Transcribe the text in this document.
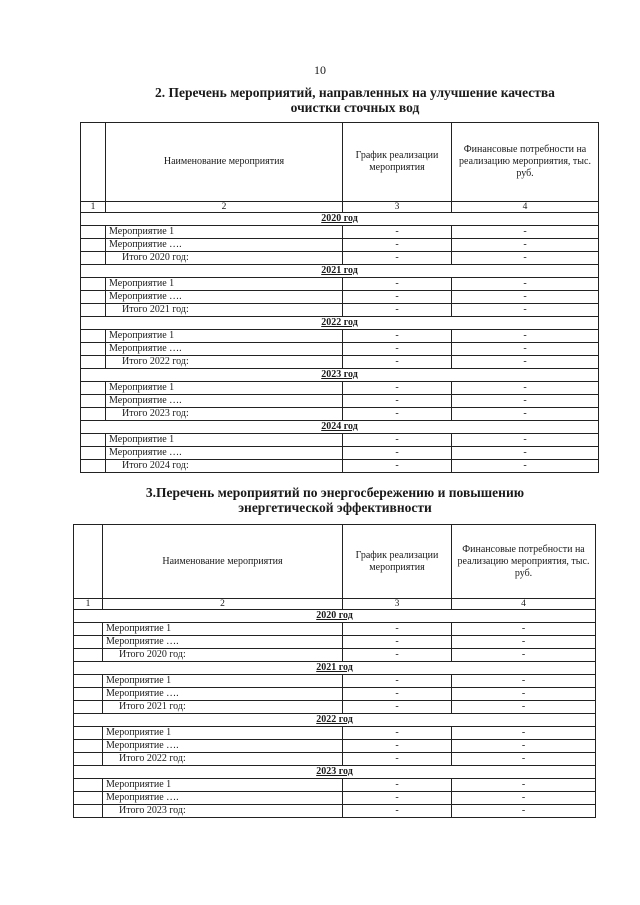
10
2. Перечень мероприятий, направленных на улучшение качества
очистки сточных вод
	Наименование мероприятия	График реализации мероприятия	Финансовые потребности на реализацию мероприятия, тыс. руб.
1	2	3	4
2020 год			
	Мероприятие 1	-	-
	Мероприятие ….	-	-
	Итого 2020 год:	-	-
2021 год			
	Мероприятие 1	-	-
	Мероприятие ….	-	-
	Итого 2021 год:	-	-
2022 год			
	Мероприятие 1	-	-
	Мероприятие ….	-	-
	Итого 2022 год:	-	-
2023 год			
	Мероприятие 1	-	-
	Мероприятие ….	-	-
	Итого 2023 год:	-	-
2024 год			
	Мероприятие 1	-	-
	Мероприятие ….	-	-
	Итого 2024 год:	-	-
3.Перечень мероприятий по энергосбережению и повышению
энергетической эффективности
	Наименование мероприятия	График реализации мероприятия	Финансовые потребности на реализацию мероприятия, тыс. руб.
1	2	3	4
2020 год			
	Мероприятие 1	-	-
	Мероприятие ….	-	-
	Итого 2020 год:	-	-
2021 год			
	Мероприятие 1	-	-
	Мероприятие ….	-	-
	Итого 2021 год:	-	-
2022 год			
	Мероприятие 1	-	-
	Мероприятие ….	-	-
	Итого 2022 год:	-	-
2023 год			
	Мероприятие 1	-	-
	Мероприятие ….	-	-
	Итого 2023 год:	-	-
